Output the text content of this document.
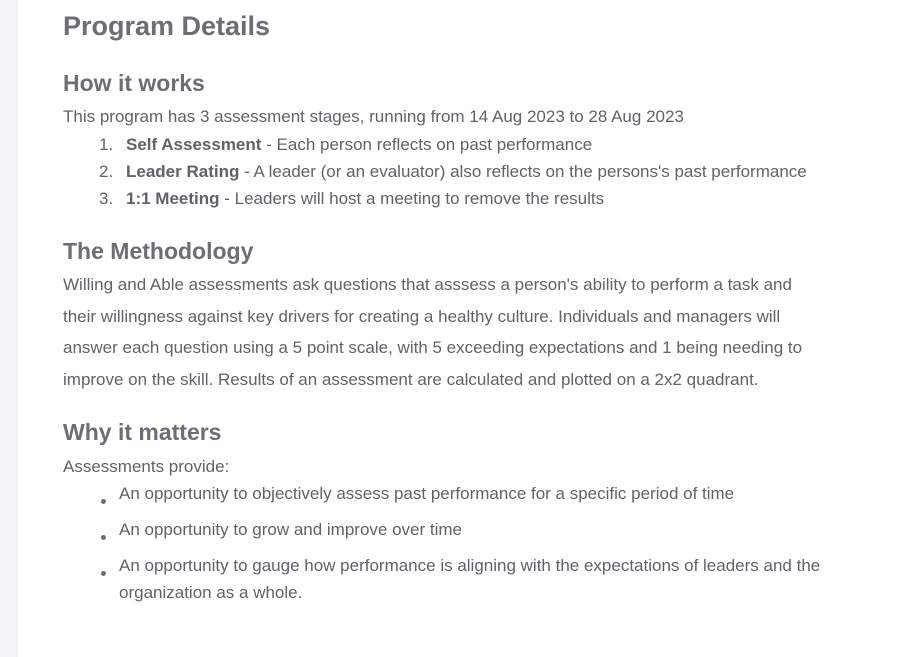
Program Details
How it works
This program has 3 assessment stages, running from 14 Aug 2023 to 28 Aug 2023
1. Self Assessment - Each person reflects on past performance
2. Leader Rating - A leader (or an evaluator) also reflects on the persons's past performance
3. 1:1 Meeting - Leaders will host a meeting to remove the results
The Methodology
Willing and Able assessments ask questions that asssess a person's ability to perform a task and
their willingness against key drivers for creating a healthy culture. Individuals and managers will
answer each question using a 5 point scale, with 5 exceeding expectations and 1 being needing to
improve on the skill. Results of an assessment are calculated and plotted on a 2x2 quadrant.
Why it matters
Assessments provide:
An opportunity to objectively assess past performance for a specific period of time
An opportunity to grow and improve over time
An opportunity to gauge how performance is aligning with the expectations of leaders and the organization as a whole.
